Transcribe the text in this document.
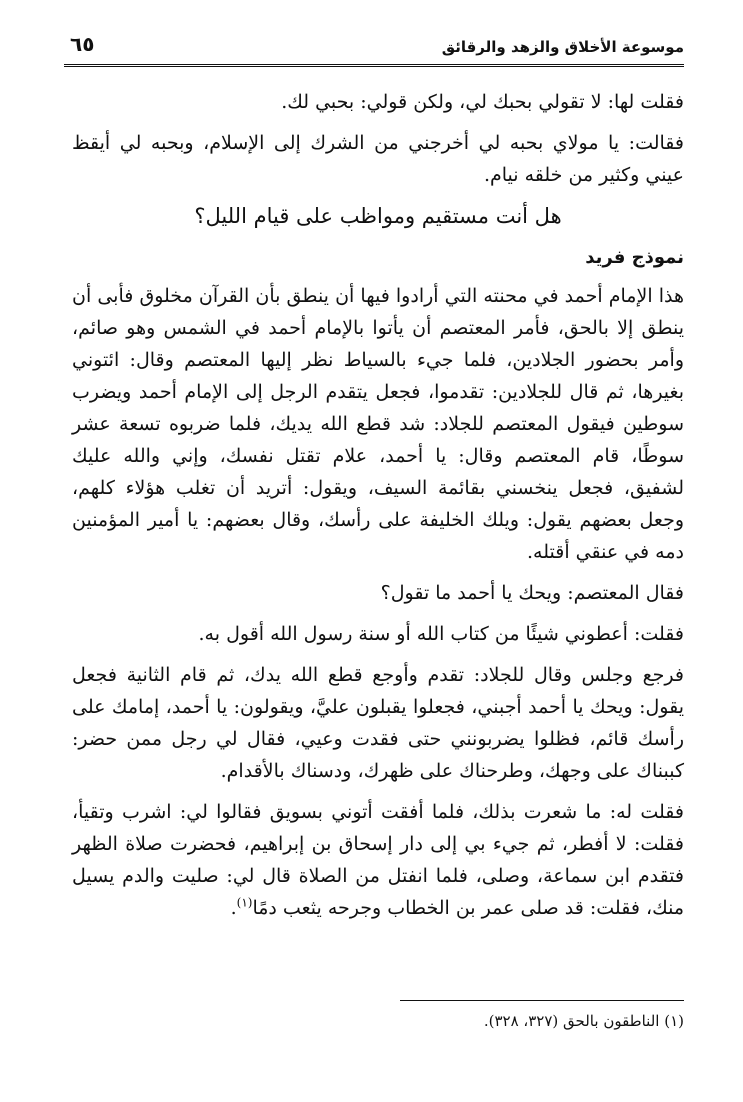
موسوعة الأخلاق والزهد والرقائق
٦٥

فقلت لها: لا تقولي بحبك لي، ولكن قولي: بحبي لك.

فقالت: يا مولاي بحبه لي أخرجني من الشرك إلى الإسلام، وبحبه لي أيقظ عيني وكثير من خلقه نيام.

هل أنت مستقيم ومواظب على قيام الليل؟
نموذج فريد

هذا الإمام أحمد في محنته التي أرادوا فيها أن ينطق بأن القرآن مخلوق فأبى أن ينطق إلا بالحق، فأمر المعتصم أن يأتوا بالإمام أحمد في الشمس وهو صائم، وأمر بحضور الجلادين، فلما جيء بالسياط نظر إليها المعتصم وقال: ائتوني بغيرها، ثم قال للجلادين: تقدموا، فجعل يتقدم الرجل إلى الإمام أحمد ويضرب سوطين فيقول المعتصم للجلاد: شد قطع الله يديك، فلما ضربوه تسعة عشر سوطًا، قام المعتصم وقال: يا أحمد، علام تقتل نفسك، وإني والله عليك لشفيق، فجعل ينخسني بقائمة السيف، ويقول: أتريد أن تغلب هؤلاء كلهم، وجعل بعضهم يقول: ويلك الخليفة على رأسك، وقال بعضهم: يا أمير المؤمنين دمه في عنقي أقتله.

فقال المعتصم: ويحك يا أحمد ما تقول؟

فقلت: أعطوني شيئًا من كتاب الله أو سنة رسول الله أقول به.

فرجع وجلس وقال للجلاد: تقدم وأوجع قطع الله يدك، ثم قام الثانية فجعل يقول: ويحك يا أحمد أجبني، فجعلوا يقبلون عليَّ، ويقولون: يا أحمد، إمامك على رأسك قائم، فظلوا يضربونني حتى فقدت وعيي، فقال لي رجل ممن حضر: كببناك على وجهك، وطرحناك على ظهرك، ودسناك بالأقدام.

فقلت له: ما شعرت بذلك، فلما أفقت أتوني بسويق فقالوا لي: اشرب وتقيأ، فقلت: لا أفطر، ثم جيء بي إلى دار إسحاق بن إبراهيم، فحضرت صلاة الظهر فتقدم ابن سماعة، وصلى، فلما انفتل من الصلاة قال لي: صليت والدم يسيل منك، فقلت: قد صلى عمر بن الخطاب وجرحه يثعب دمًا$^{(١)}$.

(١) الناطقون بالحق (٣٢٧، ٣٢٨).
